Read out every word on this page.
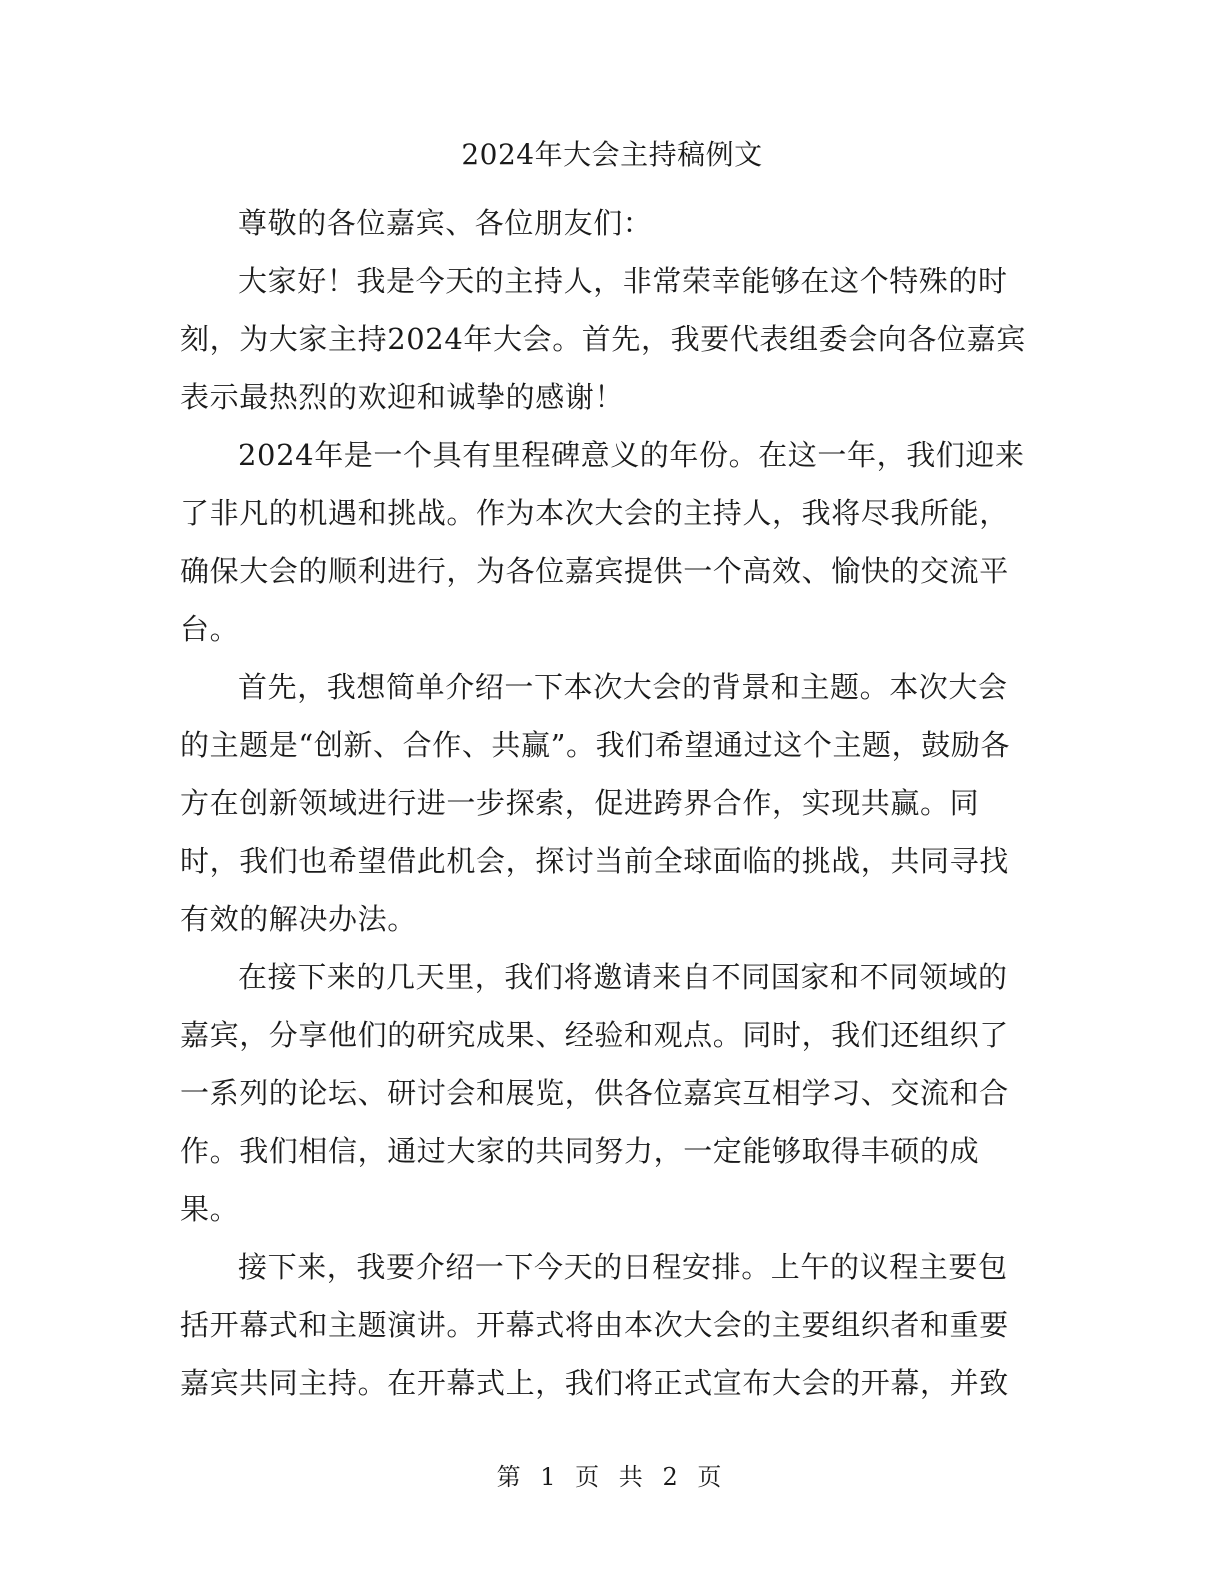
2024年大会主持稿例文

尊敬的各位嘉宾、各位朋友们：

大家好！我是今天的主持人，非常荣幸能够在这个特殊的时刻，为大家主持2024年大会。首先，我要代表组委会向各位嘉宾表示最热烈的欢迎和诚挚的感谢！

2024年是一个具有里程碑意义的年份。在这一年，我们迎来了非凡的机遇和挑战。作为本次大会的主持人，我将尽我所能，确保大会的顺利进行，为各位嘉宾提供一个高效、愉快的交流平台。

首先，我想简单介绍一下本次大会的背景和主题。本次大会的主题是“创新、合作、共赢”。我们希望通过这个主题，鼓励各方在创新领域进行进一步探索，促进跨界合作，实现共赢。同时，我们也希望借此机会，探讨当前全球面临的挑战，共同寻找有效的解决办法。

在接下来的几天里，我们将邀请来自不同国家和不同领域的嘉宾，分享他们的研究成果、经验和观点。同时，我们还组织了一系列的论坛、研讨会和展览，供各位嘉宾互相学习、交流和合作。我们相信，通过大家的共同努力，一定能够取得丰硕的成果。

接下来，我要介绍一下今天的日程安排。上午的议程主要包括开幕式和主题演讲。开幕式将由本次大会的主要组织者和重要嘉宾共同主持。在开幕式上，我们将正式宣布大会的开幕，并致

第 1 页 共 2 页
